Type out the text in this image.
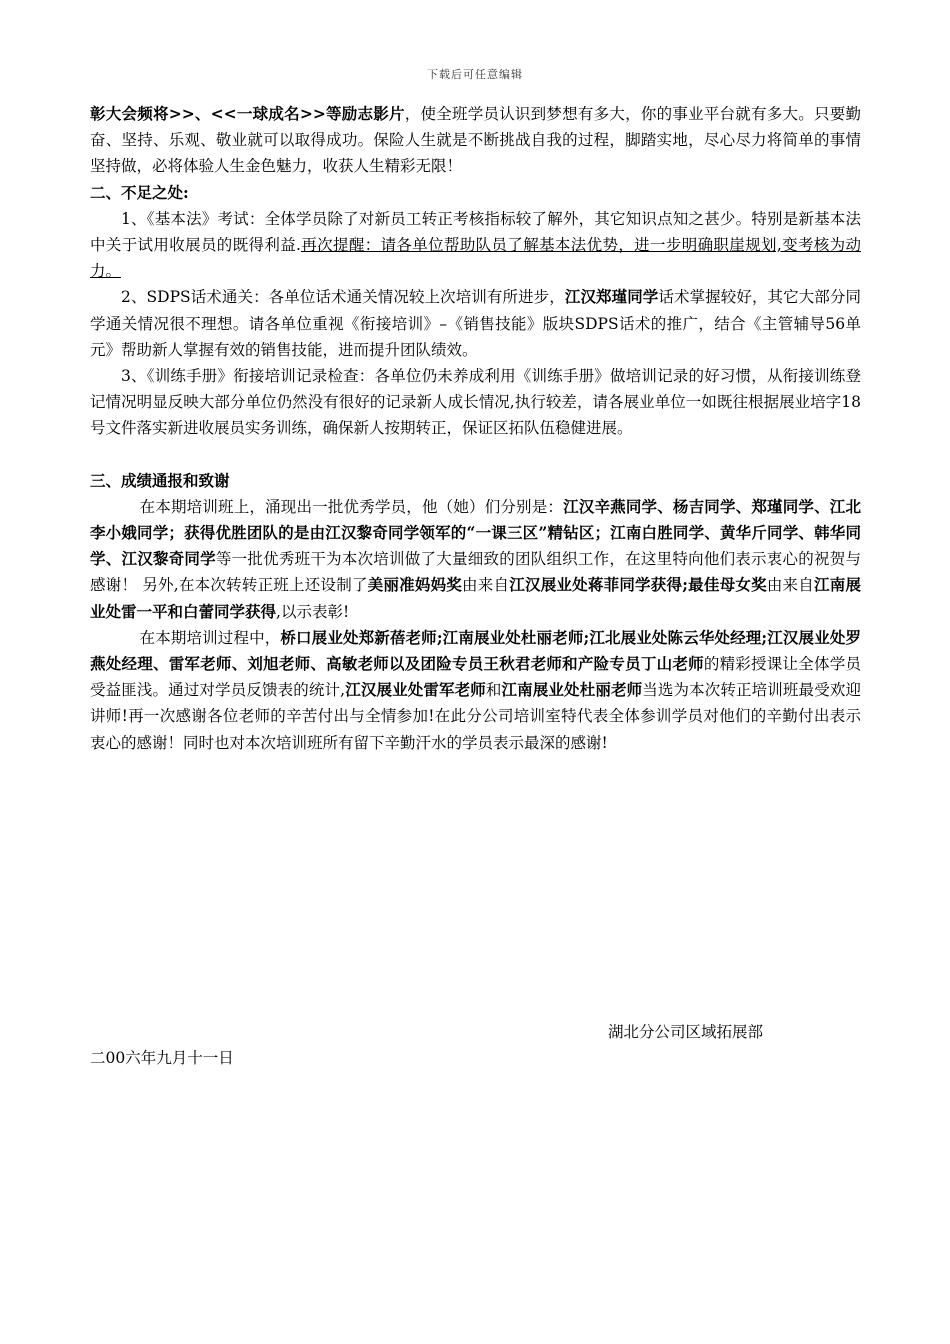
下载后可任意编辑

彰大会频将>>、<<一球成名>>等励志影片，使全班学员认识到梦想有多大，你的事业平台就有多大。只要勤奋、坚持、乐观、敬业就可以取得成功。保险人生就是不断挑战自我的过程，脚踏实地，尽心尽力将简单的事情坚持做，必将体验人生金色魅力，收获人生精彩无限！

二、不足之处:

1、《基本法》考试：全体学员除了对新员工转正考核指标较了解外，其它知识点知之甚少。特别是新基本法中关于试用收展员的既得利益.再次提醒：请各单位帮助队员了解基本法优势，进一步明确职崖规划,变考核为动力。

2、SDPS话术通关：各单位话术通关情况较上次培训有所进步，江汉郑瑾同学话术掌握较好，其它大部分同学通关情况很不理想。请各单位重视《衔接培训》–《销售技能》版块SDPS话术的推广，结合《主管辅导56单元》帮助新人掌握有效的销售技能，进而提升团队绩效。

3、《训练手册》衔接培训记录检查：各单位仍未养成利用《训练手册》做培训记录的好习惯，从衔接训练登记情况明显反映大部分单位仍然没有很好的记录新人成长情况,执行较差，请各展业单位一如既往根据展业培字18号文件落实新进收展员实务训练，确保新人按期转正，保证区拓队伍稳健进展。

三、成绩通报和致谢

在本期培训班上，涌现出一批优秀学员，他（她）们分别是：江汉辛燕同学、杨吉同学、郑瑾同学、江北李小娥同学；获得优胜团队的是由江汉黎奇同学领军的“一课三区”精钻区；江南白胜同学、黄华斤同学、韩华同学、江汉黎奇同学等一批优秀班干为本次培训做了大量细致的团队组织工作，在这里特向他们表示衷心的祝贺与感谢！ 另外,在本次转转正班上还设制了美丽准妈妈奖由来自江汉展业处蒋菲同学获得;最佳母女奖由来自江南展业处雷一平和白蕾同学获得,以示表彰!

在本期培训过程中，桥口展业处郑新蓓老师;江南展业处杜丽老师;江北展业处陈云华处经理;江汉展业处罗燕处经理、雷军老师、刘旭老师、高敏老师以及团险专员王秋君老师和产险专员丁山老师的精彩授课让全体学员受益匪浅。通过对学员反馈表的统计,江汉展业处雷军老师和江南展业处杜丽老师当选为本次转正培训班最受欢迎讲师!再一次感谢各位老师的辛苦付出与全情参加!在此分公司培训室特代表全体参训学员对他们的辛勤付出表示衷心的感谢！同时也对本次培训班所有留下辛勤汗水的学员表示最深的感谢!

湖北分公司区域拓展部
二00六年九月十一日
